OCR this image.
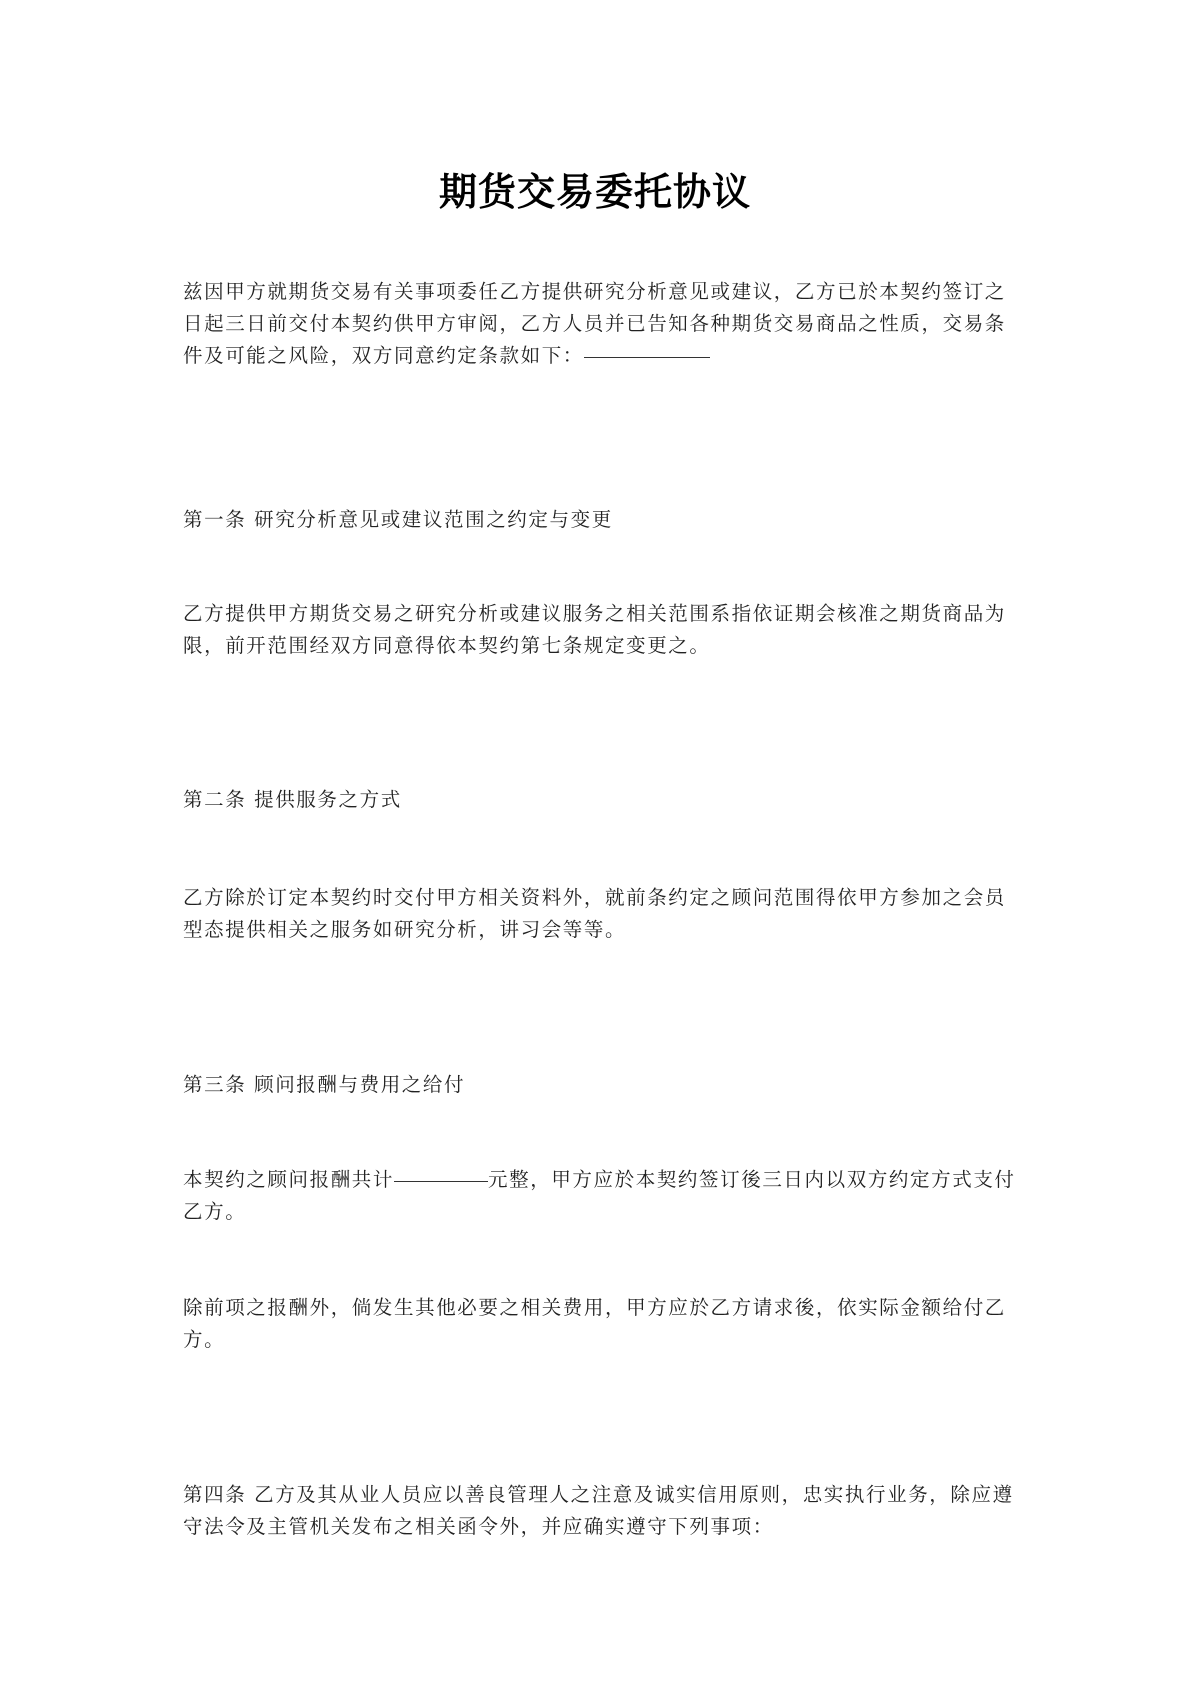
期货交易委托协议
兹因甲方就期货交易有关事项委任乙方提供研究分析意见或建议，乙方已於本契约签订之
日起三日前交付本契约供甲方审阅，乙方人员并已告知各种期货交易商品之性质，交易条
件及可能之风险，双方同意约定条款如下：
第一条 研究分析意见或建议范围之约定与变更
乙方提供甲方期货交易之研究分析或建议服务之相关范围系指依证期会核准之期货商品为
限，前开范围经双方同意得依本契约第七条规定变更之。
第二条 提供服务之方式
乙方除於订定本契约时交付甲方相关资料外，就前条约定之顾问范围得依甲方参加之会员
型态提供相关之服务如研究分析，讲习会等等。
第三条 顾问报酬与费用之给付
本契约之顾问报酬共计	元整，甲方应於本契约签订後三日内以双方约定方式支付
乙方。
除前项之报酬外，倘发生其他必要之相关费用，甲方应於乙方请求後，依实际金额给付乙
方。
第四条 乙方及其从业人员应以善良管理人之注意及诚实信用原则，忠实执行业务，除应遵
守法令及主管机关发布之相关函令外，并应确实遵守下列事项：
